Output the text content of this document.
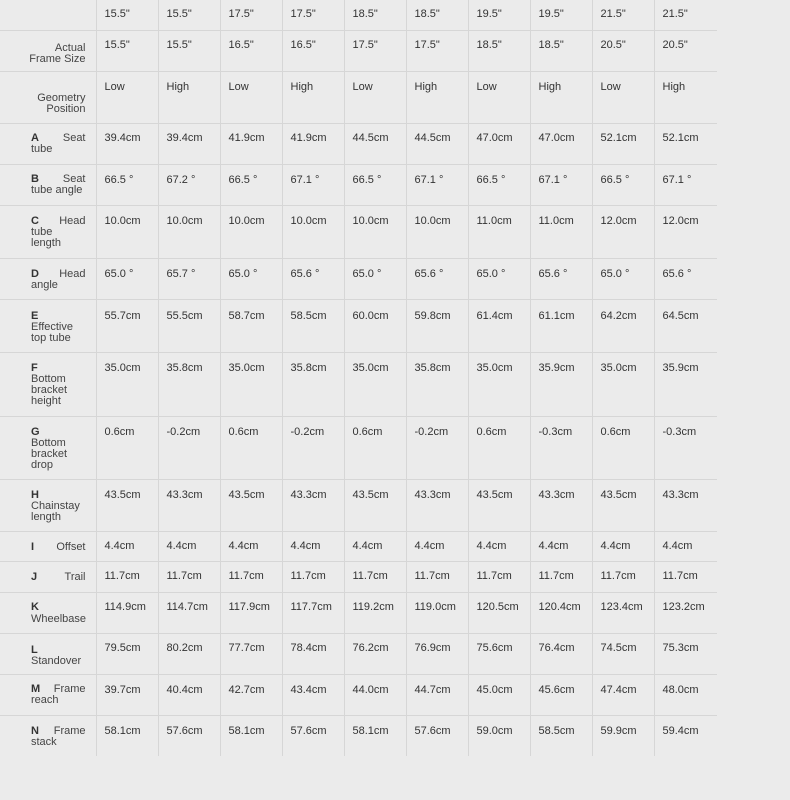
	15.5"	15.5"	17.5"	17.5"	18.5"	18.5"	19.5"	19.5"	21.5"	21.5"

Actual
Frame Size	15.5"	15.5"	16.5"	16.5"	17.5"	17.5"	18.5"	18.5"	20.5"	20.5"

Geometry
Position	Low	High	Low	High	Low	High	Low	High	Low	High

A Seat
tube	39.4cm	39.4cm	41.9cm	41.9cm	44.5cm	44.5cm	47.0cm	47.0cm	52.1cm	52.1cm

B Seat
tube angle	66.5 °	67.2 °	66.5 °	67.1 °	66.5 °	67.1 °	66.5 °	67.1 °	66.5 °	67.1 °

C Head
tube
length	10.0cm	10.0cm	10.0cm	10.0cm	10.0cm	10.0cm	11.0cm	11.0cm	12.0cm	12.0cm

D Head
angle	65.0 °	65.7 °	65.0 °	65.6 °	65.0 °	65.6 °	65.0 °	65.6 °	65.0 °	65.6 °

E
Effective
top tube	55.7cm	55.5cm	58.7cm	58.5cm	60.0cm	59.8cm	61.4cm	61.1cm	64.2cm	64.5cm

F
Bottom
bracket
height	35.0cm	35.8cm	35.0cm	35.8cm	35.0cm	35.8cm	35.0cm	35.9cm	35.0cm	35.9cm

G
Bottom
bracket
drop	0.6cm	-0.2cm	0.6cm	-0.2cm	0.6cm	-0.2cm	0.6cm	-0.3cm	0.6cm	-0.3cm

H
Chainstay
length	43.5cm	43.3cm	43.5cm	43.3cm	43.5cm	43.3cm	43.5cm	43.3cm	43.5cm	43.3cm

I Offset	4.4cm	4.4cm	4.4cm	4.4cm	4.4cm	4.4cm	4.4cm	4.4cm	4.4cm	4.4cm

J Trail	11.7cm	11.7cm	11.7cm	11.7cm	11.7cm	11.7cm	11.7cm	11.7cm	11.7cm	11.7cm

K
Wheelbase	114.9cm	114.7cm	117.9cm	117.7cm	119.2cm	119.0cm	120.5cm	120.4cm	123.4cm	123.2cm

L
Standover	79.5cm	80.2cm	77.7cm	78.4cm	76.2cm	76.9cm	75.6cm	76.4cm	74.5cm	75.3cm

M Frame
reach	39.7cm	40.4cm	42.7cm	43.4cm	44.0cm	44.7cm	45.0cm	45.6cm	47.4cm	48.0cm

N Frame
stack	58.1cm	57.6cm	58.1cm	57.6cm	58.1cm	57.6cm	59.0cm	58.5cm	59.9cm	59.4cm
